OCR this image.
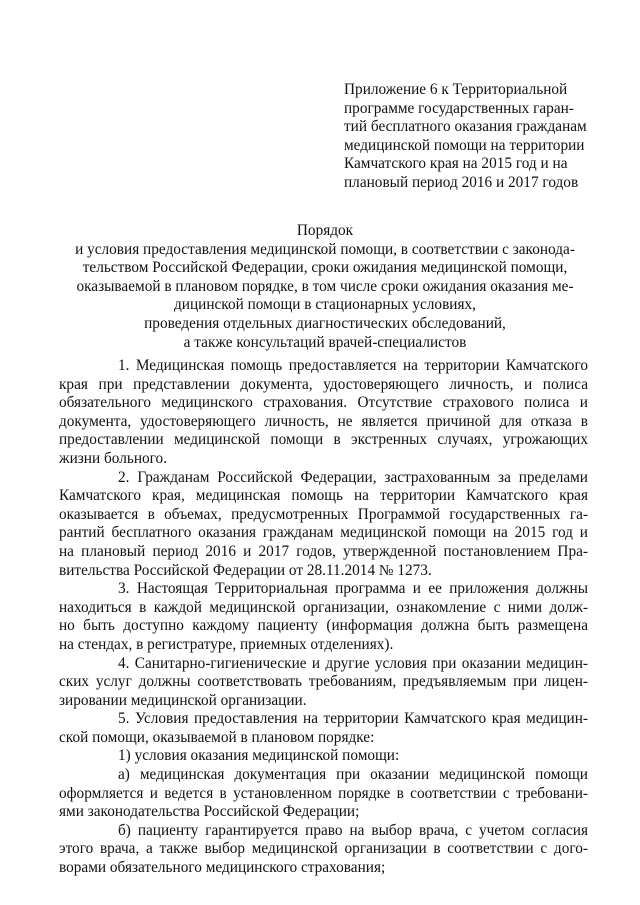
Приложение 6 к Территориальной
программе государственных гаран-
тий бесплатного оказания гражданам
медицинской помощи на территории
Камчатского края на 2015 год и на
плановый период 2016 и 2017 годов
Порядок
и условия предоставления медицинской помощи, в соответствии с законода-
тельством Российской Федерации, сроки ожидания медицинской помощи,
оказываемой в плановом порядке, в том числе сроки ожидания оказания ме-
дицинской помощи в стационарных условиях,
проведения отдельных диагностических обследований,
а также консультаций врачей-специалистов
1. Медицинская помощь предоставляется на территории Камчатского
края при представлении документа, удостоверяющего личность, и полиса
обязательного медицинского страхования. Отсутствие страхового полиса и
документа, удостоверяющего личность, не является причиной для отказа в
предоставлении медицинской помощи в экстренных случаях, угрожающих
жизни больного.
2. Гражданам Российской Федерации, застрахованным за пределами
Камчатского края, медицинская помощь на территории Камчатского края
оказывается в объемах, предусмотренных Программой государственных га-
рантий бесплатного оказания гражданам медицинской помощи на 2015 год и
на плановый период 2016 и 2017 годов, утвержденной постановлением Пра-
вительства Российской Федерации от 28.11.2014 № 1273.
3. Настоящая Территориальная программа и ее приложения должны
находиться в каждой медицинской организации, ознакомление с ними долж-
но быть доступно каждому пациенту (информация должна быть размещена
на стендах, в регистратуре, приемных отделениях).
4. Санитарно-гигиенические и другие условия при оказании медицин-
ских услуг должны соответствовать требованиям, предъявляемым при лицен-
зировании медицинской организации.
5. Условия предоставления на территории Камчатского края медицин-
ской помощи, оказываемой в плановом порядке:
1) условия оказания медицинской помощи:
а) медицинская документация при оказании медицинской помощи
оформляется и ведется в установленном порядке в соответствии с требовани-
ями законодательства Российской Федерации;
б) пациенту гарантируется право на выбор врача, с учетом согласия
этого врача, а также выбор медицинской организации в соответствии с дого-
ворами обязательного медицинского страхования;
